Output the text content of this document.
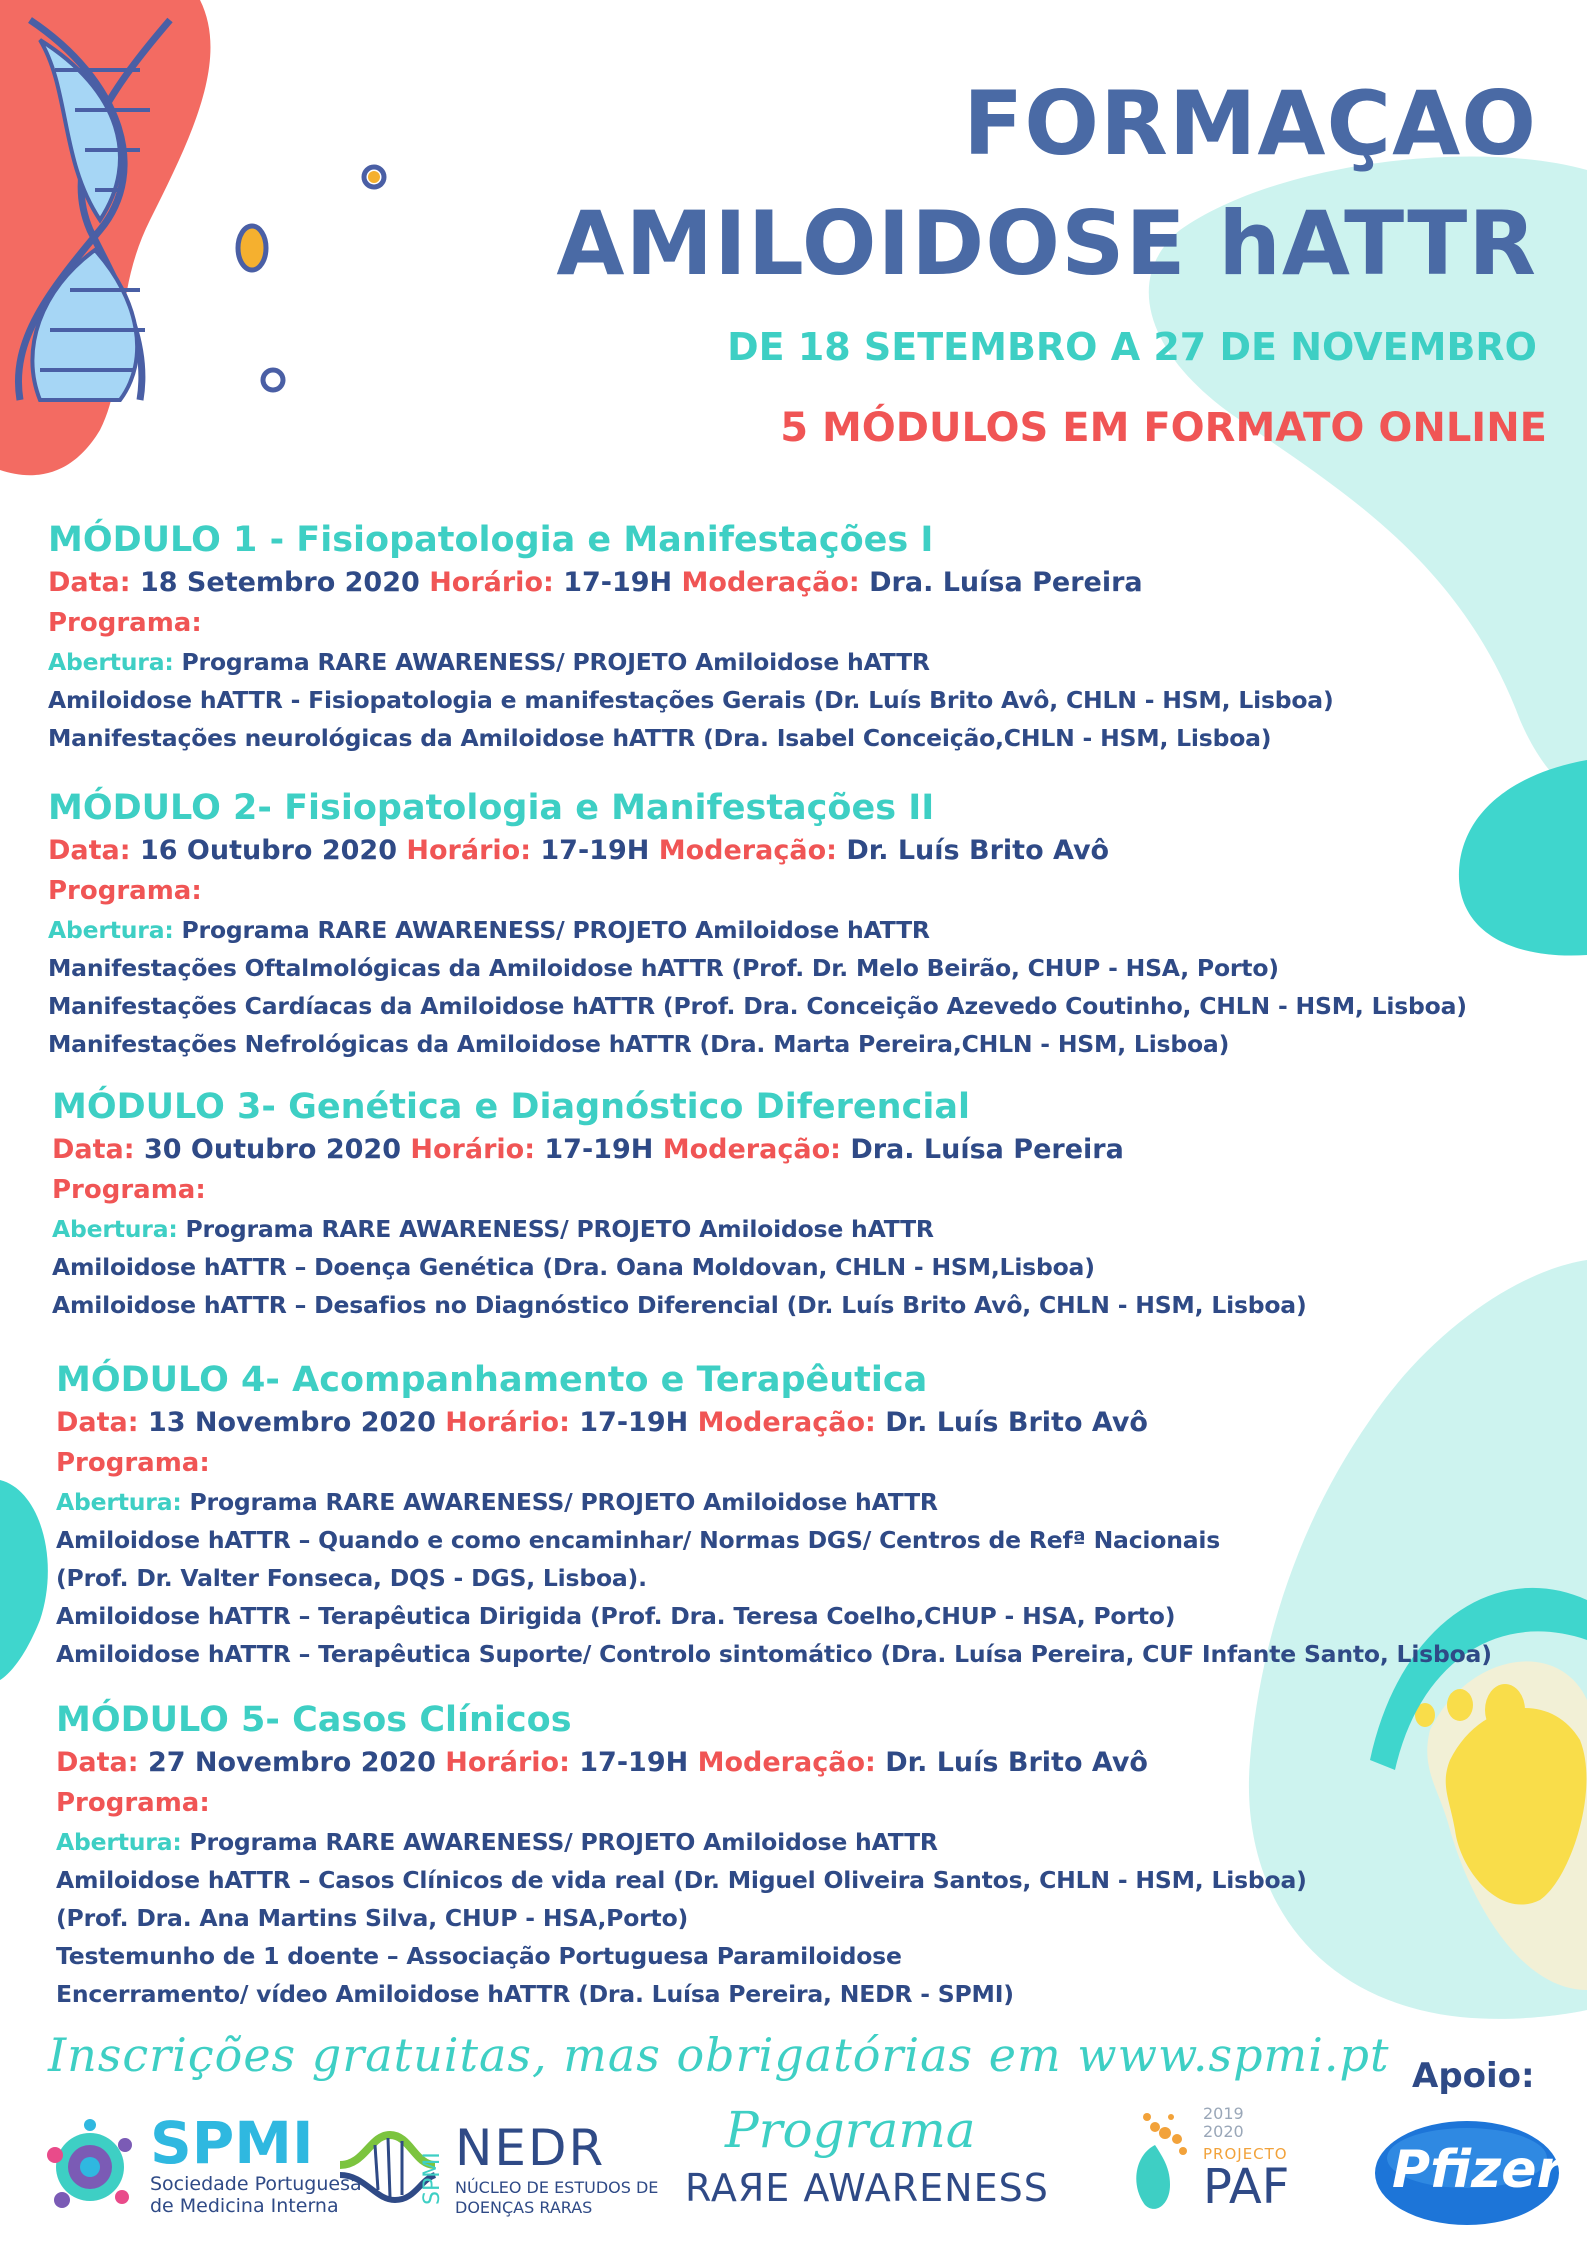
FORMAÇAO
AMILOIDOSE hATTR
DE 18 SETEMBRO A 27 DE NOVEMBRO
5 MÓDULOS EM FORMATO ONLINE
MÓDULO 1 - Fisiopatologia e Manifestações I
Data: 18 Setembro 2020 Horário: 17-19H Moderação: Dra. Luísa Pereira
Programa:
Abertura: Programa RARE AWARENESS/ PROJETO Amiloidose hATTR
Amiloidose hATTR - Fisiopatologia e manifestações Gerais (Dr. Luís Brito Avô, CHLN - HSM, Lisboa)
Manifestações neurológicas da Amiloidose hATTR (Dra. Isabel Conceição,CHLN - HSM, Lisboa)
MÓDULO 2- Fisiopatologia e Manifestações II
Data: 16 Outubro 2020 Horário: 17-19H Moderação: Dr. Luís Brito Avô
Programa:
Abertura: Programa RARE AWARENESS/ PROJETO Amiloidose hATTR
Manifestações Oftalmológicas da Amiloidose hATTR (Prof. Dr. Melo Beirão, CHUP - HSA, Porto)
Manifestações Cardíacas da Amiloidose hATTR (Prof. Dra. Conceição Azevedo Coutinho, CHLN - HSM, Lisboa)
Manifestações Nefrológicas da Amiloidose hATTR (Dra. Marta Pereira,CHLN - HSM, Lisboa)
MÓDULO 3- Genética e Diagnóstico Diferencial
Data: 30 Outubro 2020 Horário: 17-19H Moderação: Dra. Luísa Pereira
Programa:
Abertura: Programa RARE AWARENESS/ PROJETO Amiloidose hATTR
Amiloidose hATTR – Doença Genética (Dra. Oana Moldovan, CHLN - HSM,Lisboa)
Amiloidose hATTR – Desafios no Diagnóstico Diferencial (Dr. Luís Brito Avô, CHLN - HSM, Lisboa)
MÓDULO 4- Acompanhamento e Terapêutica
Data: 13 Novembro 2020 Horário: 17-19H Moderação: Dr. Luís Brito Avô
Programa:
Abertura: Programa RARE AWARENESS/ PROJETO Amiloidose hATTR
Amiloidose hATTR – Quando e como encaminhar/ Normas DGS/ Centros de Refª Nacionais
(Prof. Dr. Valter Fonseca, DQS - DGS, Lisboa).
Amiloidose hATTR – Terapêutica Dirigida (Prof. Dra. Teresa Coelho,CHUP - HSA, Porto)
Amiloidose hATTR – Terapêutica Suporte/ Controlo sintomático (Dra. Luísa Pereira, CUF Infante Santo, Lisboa)
MÓDULO 5- Casos Clínicos
Data: 27 Novembro 2020 Horário: 17-19H Moderação: Dr. Luís Brito Avô
Programa:
Abertura: Programa RARE AWARENESS/ PROJETO Amiloidose hATTR
Amiloidose hATTR – Casos Clínicos de vida real (Dr. Miguel Oliveira Santos, CHLN - HSM, Lisboa)
(Prof. Dra. Ana Martins Silva, CHUP - HSA,Porto)
Testemunho de 1 doente – Associação Portuguesa Paramiloidose
Encerramento/ vídeo Amiloidose hATTR (Dra. Luísa Pereira, NEDR - SPMI)
Inscrições gratuitas, mas obrigatórias em www.spmi.pt Apoio:
SPMI
Sociedade Portuguesa
de Medicina Interna
SPMI
NEDR
NÚCLEO DE ESTUDOS DE
DOENÇAS RARAS
Programa
RAЯE AWARENESS
2019
2020
PROJECTO
PAF Pfizer
